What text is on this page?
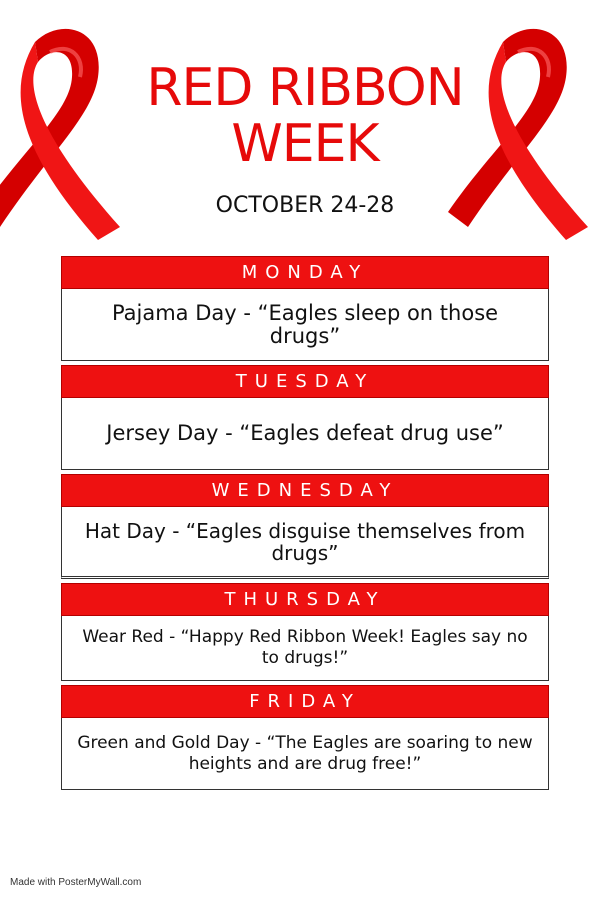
RED RIBBON
WEEK
OCTOBER 24-28
MONDAY
Pajama Day - “Eagles sleep on those drugs”
TUESDAY
Jersey Day - “Eagles defeat drug use”
WEDNESDAY
Hat Day - “Eagles disguise themselves from drugs”
THURSDAY
Wear Red - “Happy Red Ribbon Week! Eagles say no to drugs!”
FRIDAY
Green and Gold Day - “The Eagles are soaring to new heights and are drug free!”
Made with PosterMyWall.com
